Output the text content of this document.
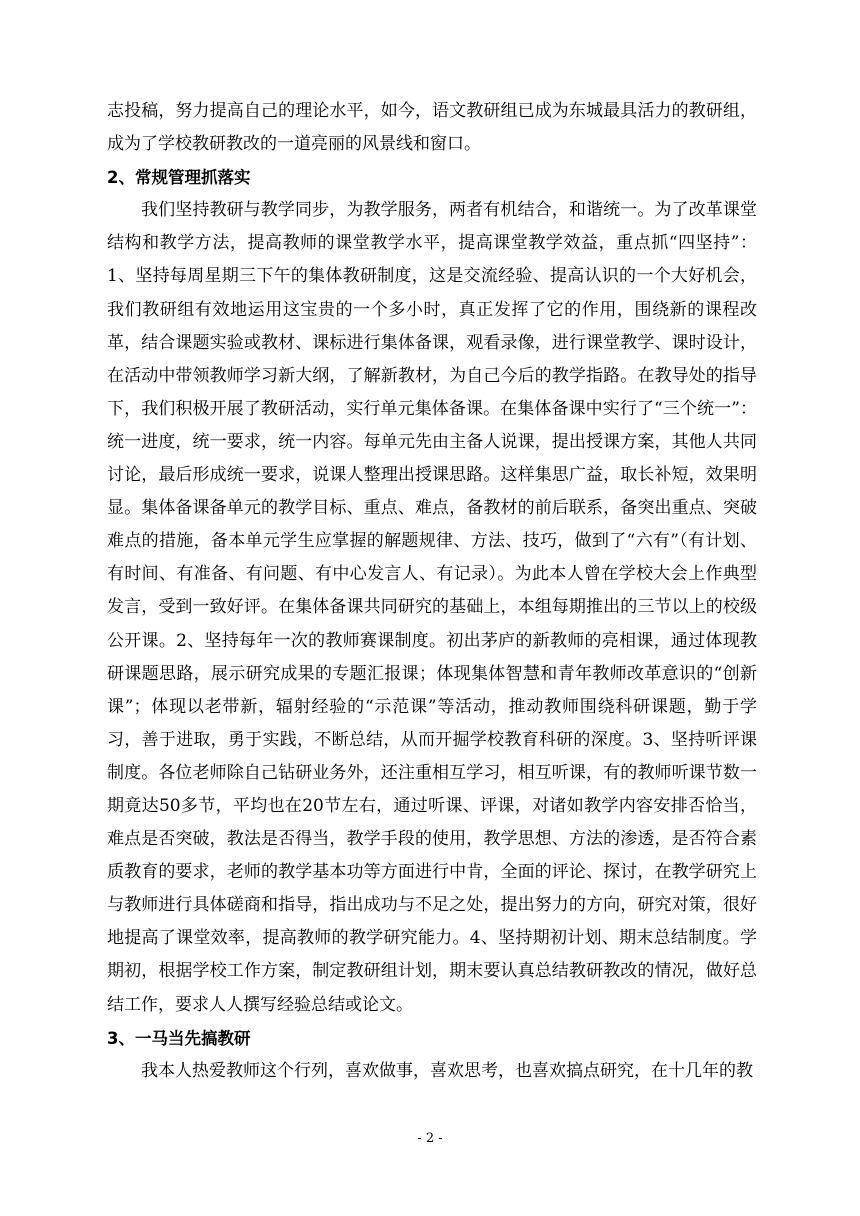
志投稿，努力提高自己的理论水平，如今，语文教研组已成为东城最具活力的教研组，成为了学校教研教改的一道亮丽的风景线和窗口。

2、常规管理抓落实

我们坚持教研与教学同步，为教学服务，两者有机结合，和谐统一。为了改革课堂结构和教学方法，提高教师的课堂教学水平，提高课堂教学效益，重点抓“四坚持”：1、坚持每周星期三下午的集体教研制度，这是交流经验、提高认识的一个大好机会，我们教研组有效地运用这宝贵的一个多小时，真正发挥了它的作用，围绕新的课程改革，结合课题实验或教材、课标进行集体备课，观看录像，进行课堂教学、课时设计，在活动中带领教师学习新大纲，了解新教材，为自己今后的教学指路。在教导处的指导下，我们积极开展了教研活动，实行单元集体备课。在集体备课中实行了“三个统一”：统一进度，统一要求，统一内容。每单元先由主备人说课，提出授课方案，其他人共同讨论，最后形成统一要求，说课人整理出授课思路。这样集思广益，取长补短，效果明显。集体备课备单元的教学目标、重点、难点，备教材的前后联系，备突出重点、突破难点的措施，备本单元学生应掌握的解题规律、方法、技巧，做到了“六有”（有计划、有时间、有准备、有问题、有中心发言人、有记录）。为此本人曾在学校大会上作典型发言，受到一致好评。在集体备课共同研究的基础上，本组每期推出的三节以上的校级公开课。2、坚持每年一次的教师赛课制度。初出茅庐的新教师的亮相课，通过体现教研课题思路，展示研究成果的专题汇报课；体现集体智慧和青年教师改革意识的“创新课”；体现以老带新，辐射经验的“示范课”等活动，推动教师围绕科研课题，勤于学习，善于进取，勇于实践，不断总结，从而开掘学校教育科研的深度。3、坚持听评课制度。各位老师除自己钻研业务外，还注重相互学习，相互听课，有的教师听课节数一期竟达50多节，平均也在20节左右，通过听课、评课，对诸如教学内容安排否恰当，难点是否突破，教法是否得当，教学手段的使用，教学思想、方法的渗透，是否符合素质教育的要求，老师的教学基本功等方面进行中肯，全面的评论、探讨，在教学研究上与教师进行具体磋商和指导，指出成功与不足之处，提出努力的方向，研究对策，很好地提高了课堂效率，提高教师的教学研究能力。4、坚持期初计划、期末总结制度。学期初，根据学校工作方案，制定教研组计划，期末要认真总结教研教改的情况，做好总结工作，要求人人撰写经验总结或论文。

3、一马当先搞教研

我本人热爱教师这个行列，喜欢做事，喜欢思考，也喜欢搞点研究，在十几年的教

- 2 -
